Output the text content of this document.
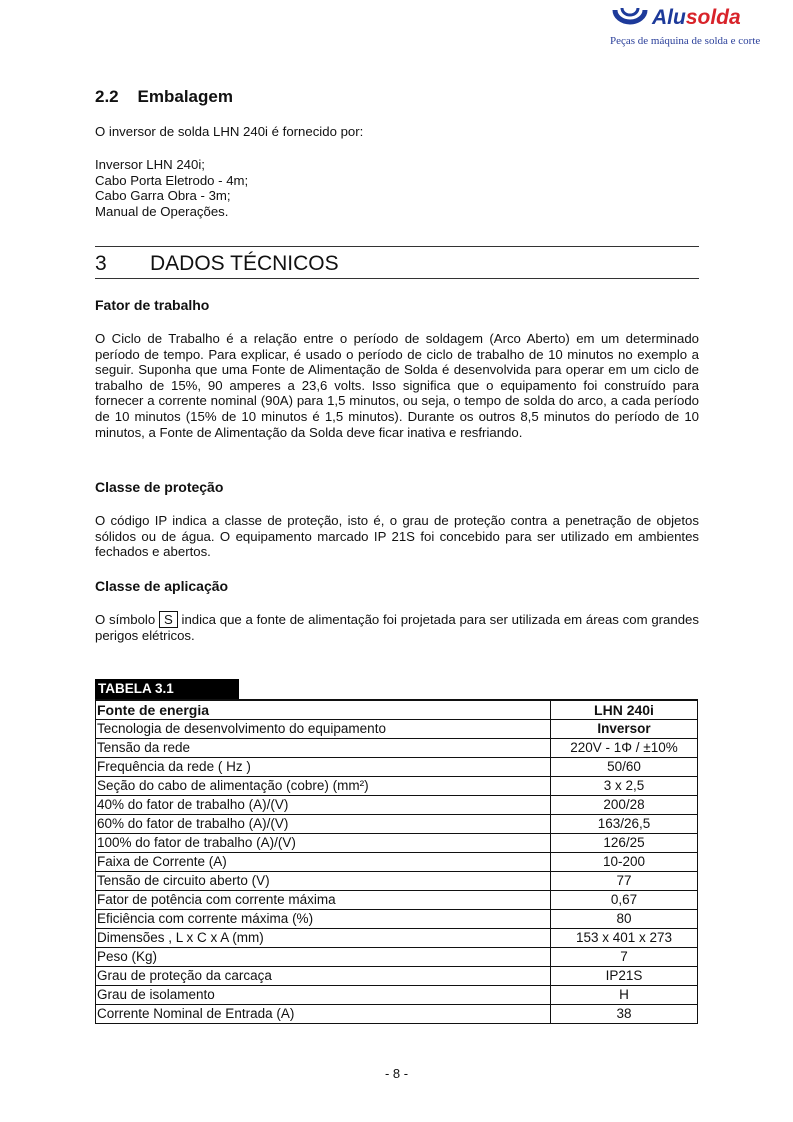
Alusolda
Peças de máquina de solda e corte
2.2    Embalagem
O inversor de solda LHN 240i é fornecido por:
Inversor LHN 240i;
Cabo Porta Eletrodo - 4m;
Cabo Garra Obra - 3m;
Manual de Operações.
3 DADOS TÉCNICOS
Fator de trabalho
O Ciclo de Trabalho é a relação entre o período de soldagem (Arco Aberto) em um determinado período de tempo. Para explicar, é usado o período de ciclo de trabalho de 10 minutos no exemplo a seguir. Suponha que uma Fonte de Alimentação de Solda é desenvolvida para operar em um ciclo de trabalho de 15%, 90 amperes a 23,6 volts. Isso significa que o equipamento foi construído para fornecer a corrente nominal (90A) para 1,5 minutos, ou seja, o tempo de solda do arco, a cada período de 10 minutos (15% de 10 minutos é 1,5 minutos). Durante os outros 8,5 minutos do período de 10 minutos, a Fonte de Alimentação da Solda deve ficar inativa e resfriando.
Classe de proteção
O código IP indica a classe de proteção, isto é, o grau de proteção contra a penetração de objetos sólidos ou de água. O equipamento marcado IP 21S foi concebido para ser utilizado em ambientes fechados e abertos.
Classe de aplicação
O símbolo S indica que a fonte de alimentação foi projetada para ser utilizada em áreas com grandes perigos elétricos.
TABELA 3.1
Fonte de energia	LHN 240i
Tecnologia de desenvolvimento do equipamento	Inversor
Tensão da rede	220V - 1Φ / ±10%
Frequência da rede ( Hz )	50/60
Seção do cabo de alimentação (cobre) (mm²)	3 x 2,5
40% do fator de trabalho (A)/(V)	200/28
60% do fator de trabalho (A)/(V)	163/26,5
100% do fator de trabalho (A)/(V)	126/25
Faixa de Corrente (A)	10-200
Tensão de circuito aberto (V)	77
Fator de potência com corrente máxima	0,67
Eficiência com corrente máxima (%)	80
Dimensões , L x C x A (mm)	153 x 401 x 273
Peso (Kg)	7
Grau de proteção da carcaça	IP21S
Grau de isolamento	H
Corrente Nominal de Entrada (A)	38
- 8 -
